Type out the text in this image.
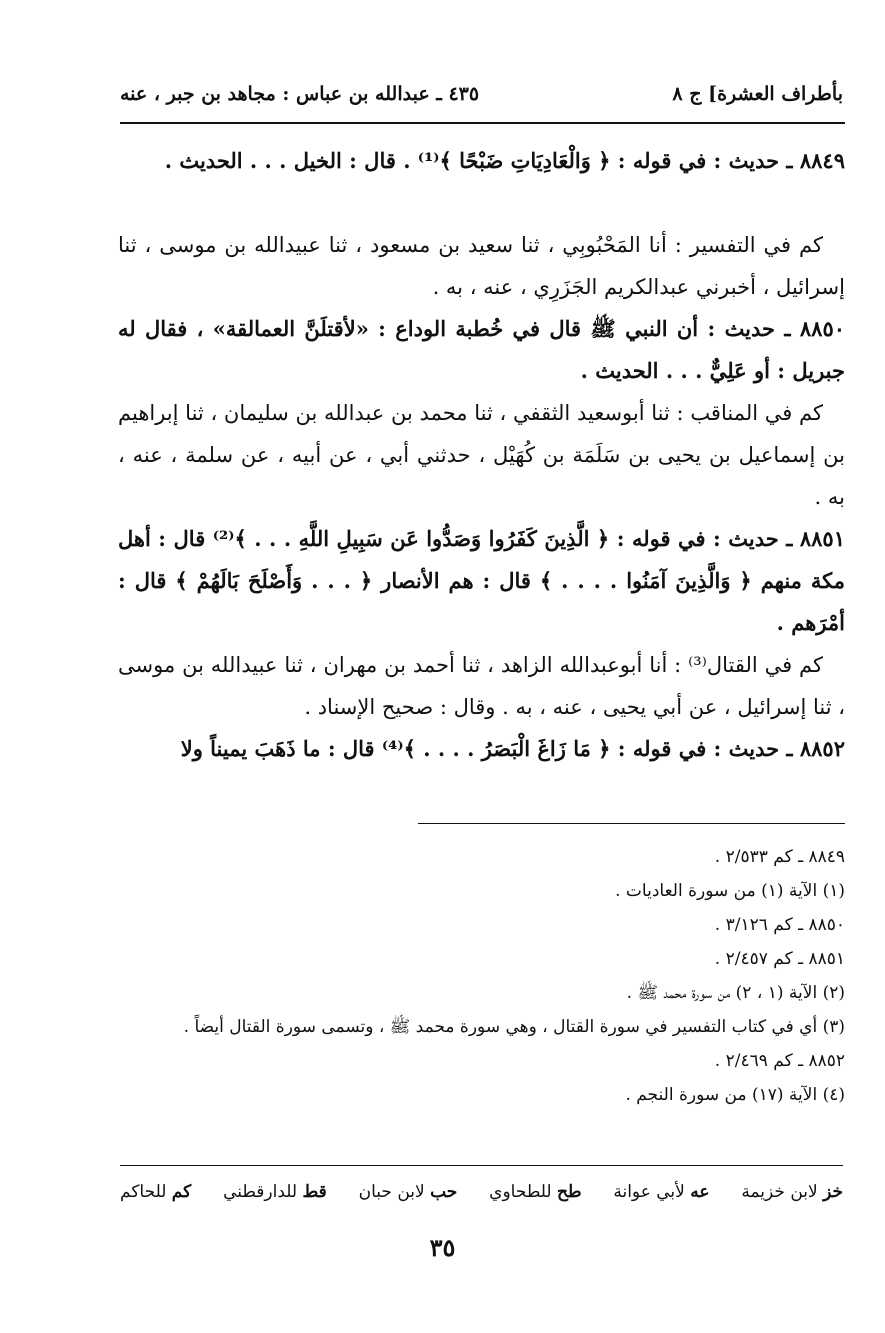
بأطراف العشرة] ج ٨
٤٣٥ ـ عبدالله بن عباس : مجاهد بن جبر ، عنه

٨٨٤٩ ـ حديث : في قوله : ﴿ وَالْعَادِيَاتِ ضَبْحًا ﴾⁽¹⁾ . قال : الخيل . . . الحديث .

كم في التفسير : أنا المَحْبُوبِي ، ثنا سعيد بن مسعود ، ثنا عبيدالله بن موسى ، ثنا إسرائيل ، أخبرني عبدالكريم الجَزَرِي ، عنه ، به .

٨٨٥٠ ـ حديث : أن النبي ﷺ قال في خُطبة الوداع : «لأقتلَنَّ العمالقة» ، فقال له جبريل : أو عَلِيٌّ . . . الحديث .

كم في المناقب : ثنا أبوسعيد الثقفي ، ثنا محمد بن عبدالله بن سليمان ، ثنا إبراهيم بن إسماعيل بن يحيى بن سَلَمَة بن كُهَيْل ، حدثني أبي ، عن أبيه ، عن سلمة ، عنه ، به .

٨٨٥١ ـ حديث : في قوله : ﴿ الَّذِينَ كَفَرُوا وَصَدُّوا عَن سَبِيلِ اللَّهِ . . . ﴾⁽²⁾ قال : أهل مكة منهم ﴿ وَالَّذِينَ آمَنُوا . . . . ﴾ قال : هم الأنصار ﴿ . . . وَأَصْلَحَ بَالَهُمْ ﴾ قال : أمْرَهم .

كم في القتال⁽³⁾ : أنا أبوعبدالله الزاهد ، ثنا أحمد بن مهران ، ثنا عبيدالله بن موسى ، ثنا إسرائيل ، عن أبي يحيى ، عنه ، به . وقال : صحيح الإسناد .

٨٨٥٢ ـ حديث : في قوله : ﴿ مَا زَاغَ الْبَصَرُ . . . . ﴾⁽⁴⁾ قال : ما ذَهَبَ يميناً ولا

٨٨٤٩ ـ كم ٢/٥٣٣ .

(١) الآية (١) من سورة العاديات .

٨٨٥٠ ـ كم ٣/١٢٦ .

٨٨٥١ ـ كم ٢/٤٥٧ .

(٢) الآية (١ ، ٢) من سورة محمد ﷺ .

(٣) أي في كتاب التفسير في سورة القتال ، وهي سورة محمد ﷺ ، وتسمى سورة القتال أيضاً .

٨٨٥٢ ـ كم ٢/٤٦٩ .

(٤) الآية (١٧) من سورة النجم .

خز لابن خزيمة
عه لأبي عوانة
طح للطحاوي
حب لابن حبان
قط للدارقطني
كم للحاكم
٣٥
